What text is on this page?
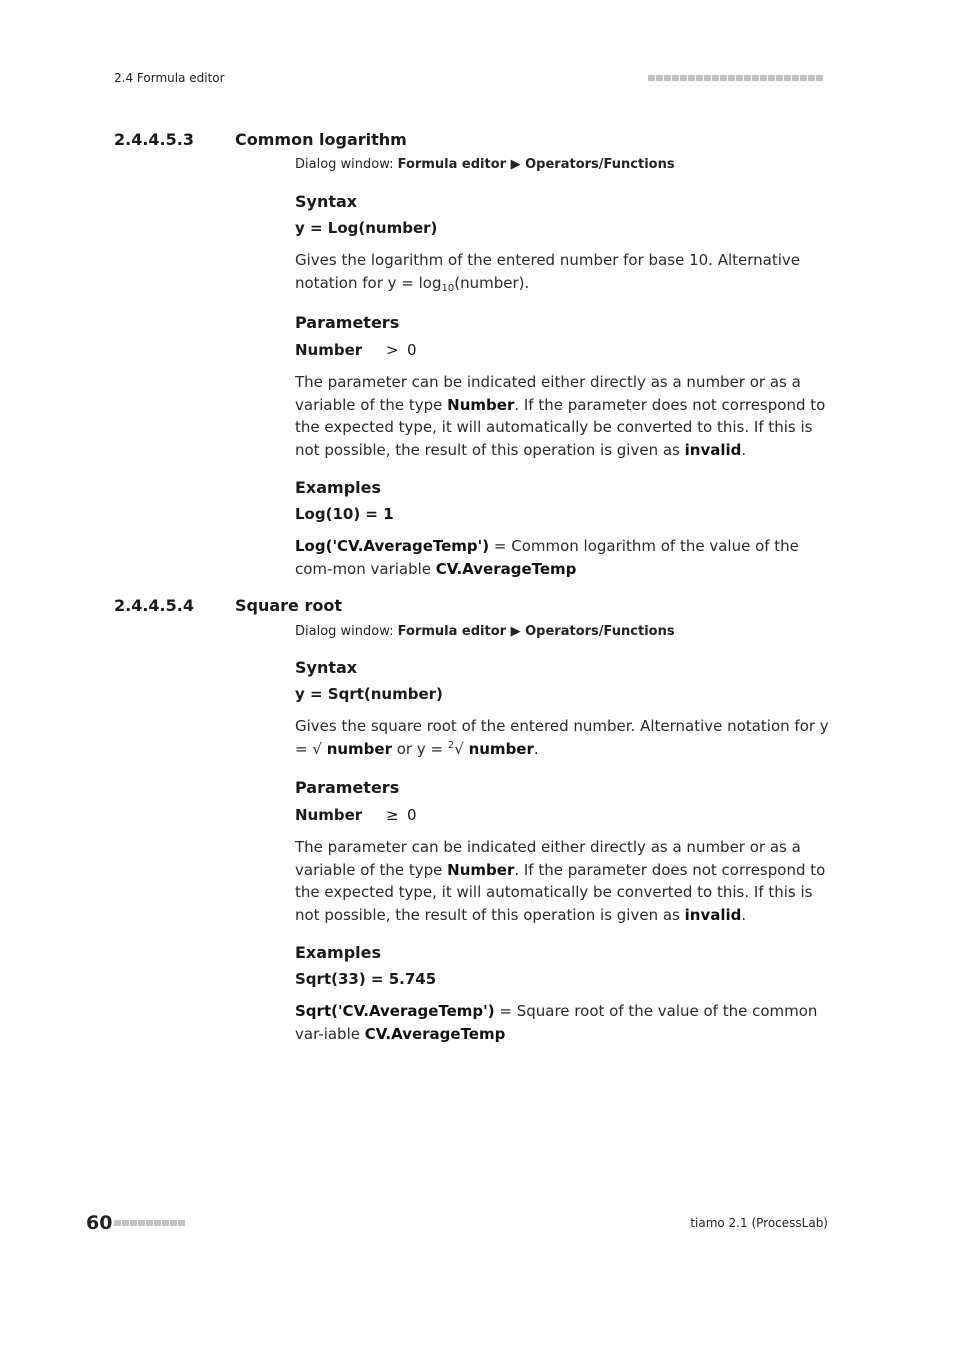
2.4 Formula editor
2.4.4.5.3	Common logarithm
Dialog window: Formula editor ▶ Operators/Functions
Syntax
y = Log(number)
Gives the logarithm of the entered number for base 10. Alternative notation for $y = \log_{10}(number)$.
Parameters
Number > 0
The parameter can be indicated either directly as a number or as a variable of the type Number. If the parameter does not correspond to the expected type, it will automatically be converted to this. If this is not possible, the result of this operation is given as invalid.
Examples
Log(10) = 1
Log('CV.AverageTemp') = Common logarithm of the value of the com-mon variable CV.AverageTemp
2.4.4.5.4	Square root
Dialog window: Formula editor ▶ Operators/Functions
Syntax
y = Sqrt(number)
Gives the square root of the entered number. Alternative notation for y = √ number or y = $^2$√ number.
Parameters
Number ≥ 0
The parameter can be indicated either directly as a number or as a variable of the type Number. If the parameter does not correspond to the expected type, it will automatically be converted to this. If this is not possible, the result of this operation is given as invalid.
Examples
Sqrt(33) = 5.745
Sqrt('CV.AverageTemp') = Square root of the value of the common var-iable CV.AverageTemp
60	tiamo 2.1 (ProcessLab)
